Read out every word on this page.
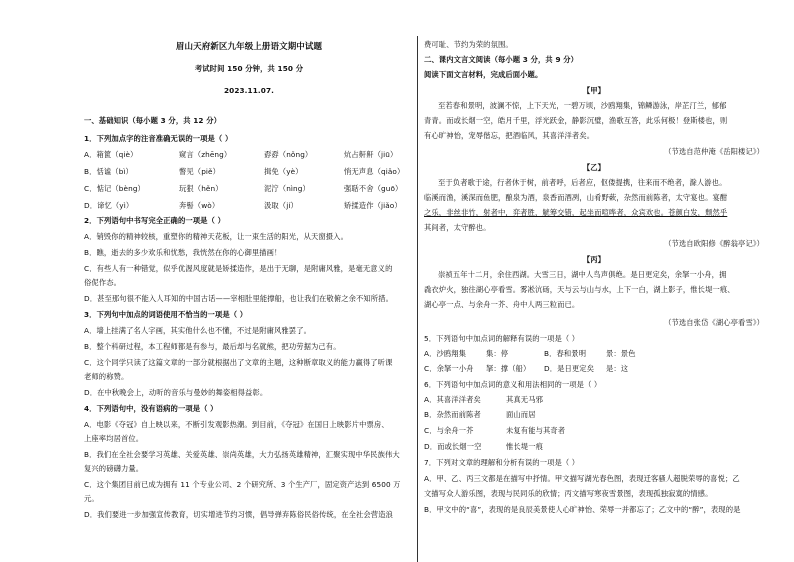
眉山天府新区九年级上册语文期中试题
考试时间 150 分钟，共 150 分
2023.11.07.
一、基础知识（每小题 3 分，共 12 分）
1．下列加点字的注音准确无误的一项是（ ）
A．箱篋（qiè）	窥言（zhēng）	孬孬（nǒng）	炕占鼾鼾（jiū）
B．恬谧（bì）	瞥见（piě）	揖免（yè）	悄无声息（qiǎo）
C．惦记（bèng）	玩狠（hěn）	泥泞（nìng）	强聒不舍（guō）
D．谛忆（yì）	奔髻（wò）	汲取（jí）	矫揉造作（jiǎo）
2．下列语句中书写完全正确的一项是（ ）
A．销毁你的精神较核，重塑你的精神天花板，让一束生活的阳光，从天窗摄入。
B．瞧，逝去的多少欢乐和忧愁，我恍然在你的心御里描画！
C．有些人有一种错觉，似乎优渥风度就是矫揉造作，是出于无聊，是附庸风雅，是毫无意义的
俗伲作态。
D．甚至那句很不能入人耳知的中国古话——宰相肚里能撑船，也让我们在敬俯之余不知所措。
3．下列句中加点的词语使用不恰当的一项是（ ）
A．墙上挂满了名人字画，其实他什么也不懂，不过是附庸风雅罢了。
B．整个科研过程，本工程师都是有参与，最后却与名就熊，把功劳据为己有。
C．这个同学只读了这篇文章的一部分就根据出了文章的主题，这种断章取义的能力赢得了听课
老师的称赞。
D．在中秋晚会上，动听的音乐与曼妙的舞姿相得益彰。
4．下列语句中，没有语病的一项是（ ）
A．电影《夺冠》自上映以来，不断引发观影热潮。到目前，《夺冠》在国日上映影片中票房、
上座率均居首位。
B．我们在全社会要学习英雄、关爱英雄、崇尚英雄，大力弘扬英雄精神，汇聚实现中华民族伟大
复兴的磅礴力量。
C．这个集团目前已成为拥有 11 个专业公司、2 个研究所、3 个生产厂，固定资产达到 6500 万
元。
D．我们要进一步加强宣传教育，切实增进节约习惯，倡导弹弃陈俗民俗传统，在全社会营造浪
费可耻、节约为荣的氛围。
二、课内文言文阅读（每小题 3 分，共 9 分）
阅读下面文言材料，完成后面小题。
【甲】
至若春和景明，波澜不惊，上下天光，一碧万顷，沙鸥翔集，锦鳞游泳，岸芷汀兰，郁郁
青青。而或长烟一空，皓月千里，浮光跃金，静影沉璧，渔歌互答，此乐何极！登斯楼也，则
有心旷神怡，宠辱偕忘，把酒临风，其喜洋洋者矣。
（节选自范仲淹《岳阳楼记》）
【乙】
至于负者歌于途，行者休于树，前者呼，后者应，伛偻提携，往来而不绝者，滁人游也。
临溪而渔，溪深而鱼肥，酿泉为酒，泉香而酒冽，山肴野蔌，杂然而前陈者，太守宴也。宴酣
之乐，非丝非竹，射者中，弈者胜，觥筹交错，起坐而喧哗者，众宾欢也。苍颜白发，颓然乎
其间者，太守醉也。
（节选自欧阳修《醉翁亭记》）
【丙】
崇祯五年十二月，余住西湖。大雪三日，湖中人鸟声俱绝。是日更定矣，余拏一小舟，拥
毳衣炉火，独往湖心亭看雪。雾凇沆砀，天与云与山与水，上下一白，湖上影子，惟长堤一痕、
湖心亭一点、与余舟一芥、舟中人两三粒而已。
（节选自张岱《湖心亭看雪》）
5．下列语句中加点词的解释有误的一项是（ ）
A．沙鸥翔集	集：停	B．春和景明	景：景色
C．余拏一小舟 拏：撑（船） D．是日更定矣 是：这
6．下列语句中加点词的意义和用法相同的一项是（ ）
A．其喜洋洋者矣	其真无马邪
B．杂然而前陈者	面山而居
C．与余舟一芥	未复有能与其奇者
D．而或长烟一空	惟长堤一痕
7．下列对文章的理解和分析有误的一项是（ ）
A．甲、乙、丙三文都是在描写中抒情。甲文描写湖光春色图，表现迁客骚人超脱荣辱的喜悦；乙
文描写众人游乐图，表现与民同乐的欣情；丙文描写寒夜雪景图，表现孤独寂寞的情感。
B．甲文中的“喜”，表现的是良辰美景使人心旷神怡、荣辱一并都忘了；乙文中的“醉”，表现的是
